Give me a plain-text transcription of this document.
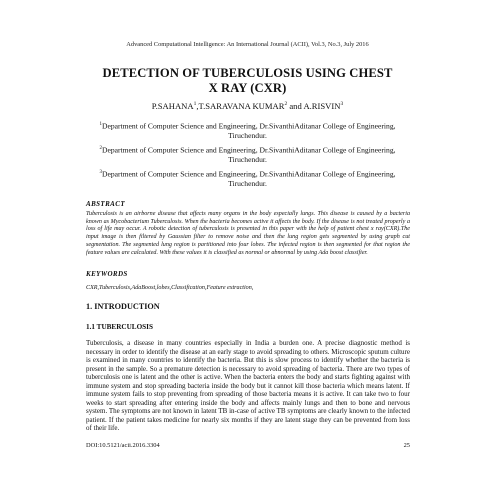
Advanced Computational Intelligence: An International Journal (ACII), Vol.3, No.3, July 2016
DETECTION OF TUBERCULOSIS USING CHEST
X RAY (CXR)
P.SAHANA$^1$,T.SARAVANA KUMAR$^2$ and A.RISVIN$^3$
$^1$Department of Computer Science and Engineering, Dr.SivanthiAditanar College of Engineering, Tiruchendur.
$^2$Department of Computer Science and Engineering, Dr.SivanthiAditanar College of Engineering, Tiruchendur.
$^3$Department of Computer Science and Engineering, Dr.SivanthiAditanar College of Engineering, Tiruchendur.
ABSTRACT
Tuberculosis is an airborne disease that affects many organs in the body especially lungs. This disease is caused by a bacteria known as Mycobacterium Tuberculosis. When the bacteria becomes active it affects the body. If the disease is not treated properly a loss of life may occur. A robotic detection of tuberculosis is presented in this paper with the help of patient chest x ray(CXR).The input image is then filtered by Gaussian filter to remove noise and then the lung region gets segmented by using graph cut segmentation. The segmented lung region is partitioned into four lobes. The infected region is then segmented for that region the feature values are calculated. With these values it is classified as normal or abnormal by using Ada boost classifier.
KEYWORDS
CXR,Tuberculosis,AdaBoost,lobes,Classification,Feature extraction,
1. INTRODUCTION
1.1 TUBERCULOSIS
Tuberculosis, a disease in many countries especially in India a burden one. A precise diagnostic method is necessary in order to identify the disease at an early stage to avoid spreading to others. Microscopic sputum culture is examined in many countries to identify the bacteria. But this is slow process to identify whether the bacteria is present in the sample. So a premature detection is necessary to avoid spreading of bacteria. There are two types of tuberculosis one is latent and the other is active. When the bacteria enters the body and starts fighting against with immune system and stop spreading bacteria inside the body but it cannot kill those bacteria which means latent. If immune system fails to stop preventing from spreading of those bacteria means it is active. It can take two to four weeks to start spreading after entering inside the body and affects mainly lungs and then to bone and nervous system. The symptoms are not known in latent TB in-case of active TB symptoms are clearly known to the infected patient. If the patient takes medicine for nearly six months if they are latent stage they can be prevented from loss of their life.
DOI:10.5121/acii.2016.3304	25
